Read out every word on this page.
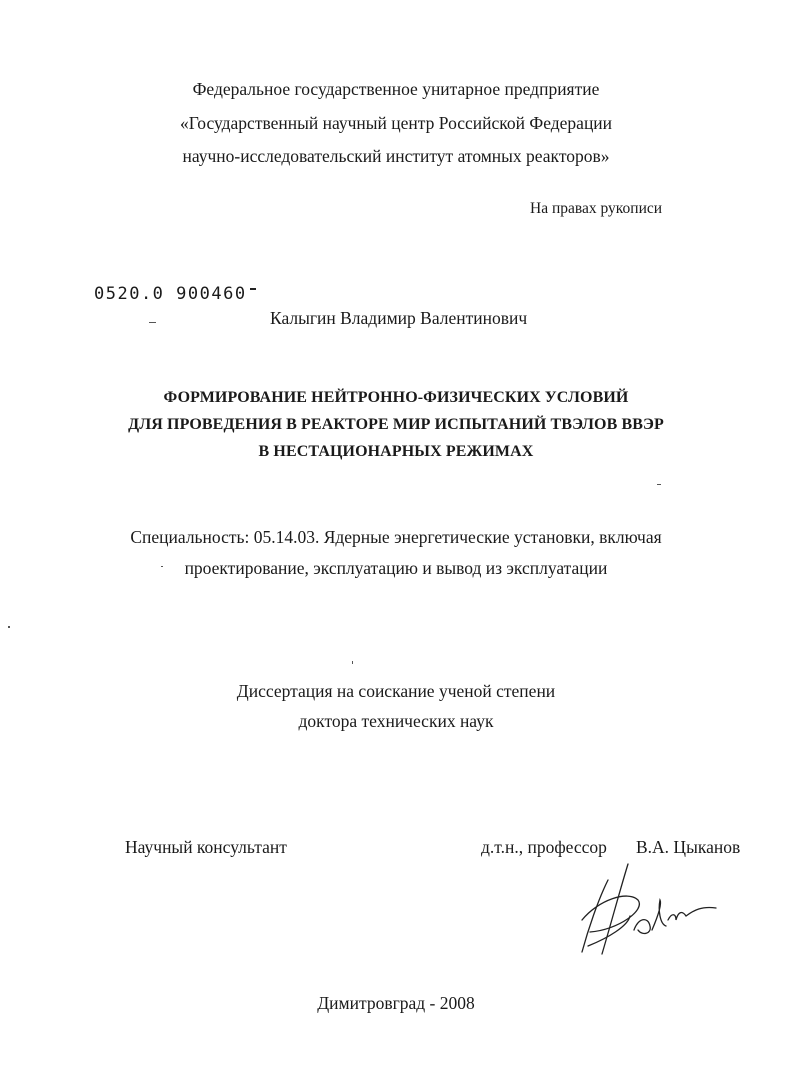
Федеральное государственное унитарное предприятие
«Государственный научный центр Российской Федерации
научно-исследовательский институт атомных реакторов»
На правах рукописи
0520.0 900460
Калыгин Владимир Валентинович
ФОРМИРОВАНИЕ НЕЙТРОННО-ФИЗИЧЕСКИХ УСЛОВИЙ
ДЛЯ ПРОВЕДЕНИЯ В РЕАКТОРЕ МИР ИСПЫТАНИЙ ТВЭЛОВ ВВЭР
В НЕСТАЦИОНАРНЫХ РЕЖИМАХ
Специальность: 05.14.03. Ядерные энергетические установки, включая
проектирование, эксплуатацию и вывод из эксплуатации
Диссертация на соискание ученой степени
доктора технических наук
Научный консультант	д.т.н., профессор В.А. Цыканов
Димитровград - 2008
